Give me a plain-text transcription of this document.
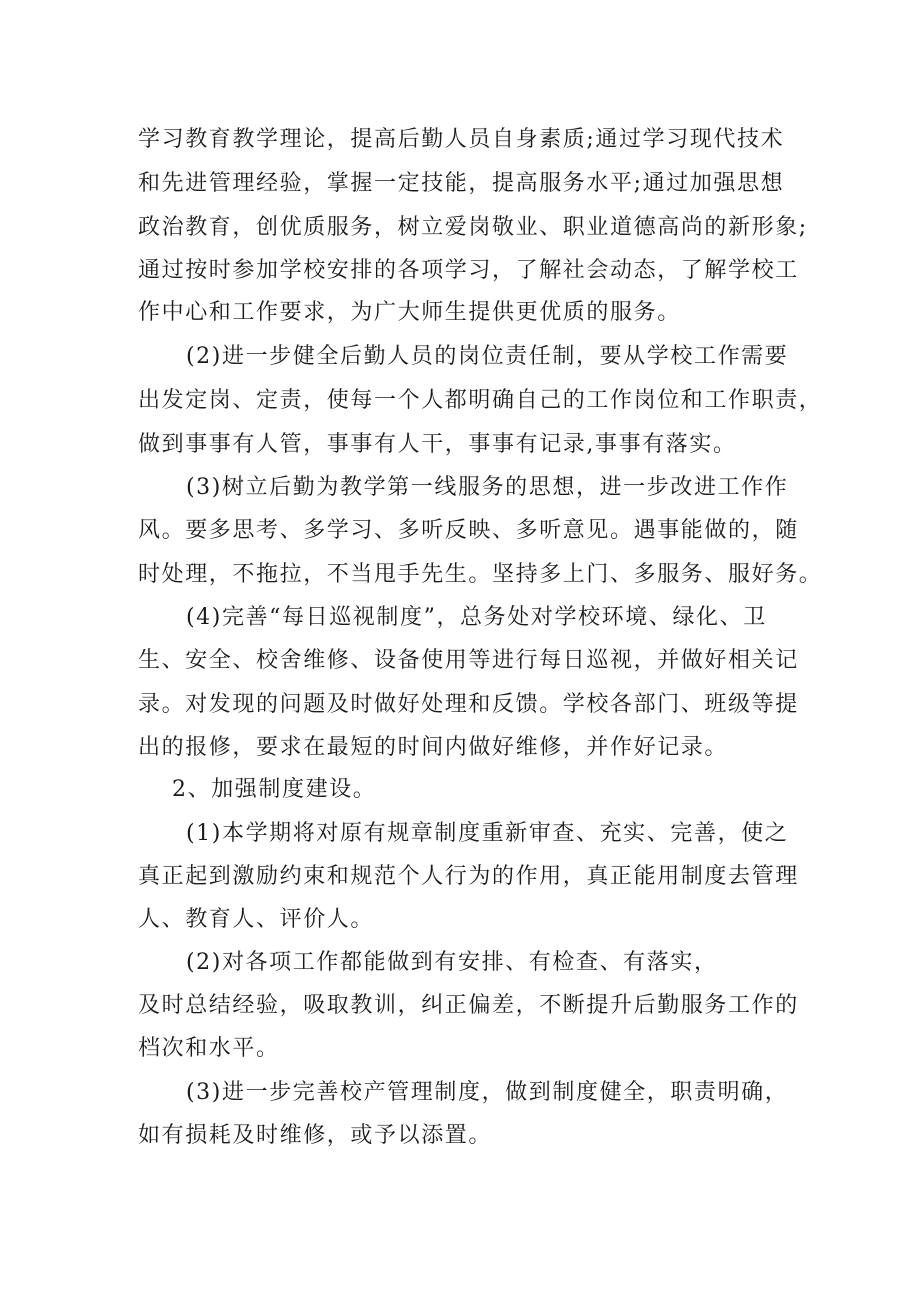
学习教育教学理论，提高后勤人员自身素质;通过学习现代技术
和先进管理经验，掌握一定技能，提高服务水平;通过加强思想
政治教育，创优质服务，树立爱岗敬业、职业道德高尚的新形象;
通过按时参加学校安排的各项学习，了解社会动态，了解学校工
作中心和工作要求，为广大师生提供更优质的服务。
(2)进一步健全后勤人员的岗位责任制，要从学校工作需要
出发定岗、定责，使每一个人都明确自己的工作岗位和工作职责，
做到事事有人管，事事有人干，事事有记录,事事有落实。
(3)树立后勤为教学第一线服务的思想，进一步改进工作作
风。要多思考、多学习、多听反映、多听意见。遇事能做的，随
时处理，不拖拉，不当甩手先生。坚持多上门、多服务、服好务。
(4)完善“每日巡视制度”，总务处对学校环境、绿化、卫
生、安全、校舍维修、设备使用等进行每日巡视，并做好相关记
录。对发现的问题及时做好处理和反馈。学校各部门、班级等提
出的报修，要求在最短的时间内做好维修，并作好记录。
2、加强制度建设。
(1)本学期将对原有规章制度重新审查、充实、完善，使之
真正起到激励约束和规范个人行为的作用，真正能用制度去管理
人、教育人、评价人。
(2)对各项工作都能做到有安排、有检查、有落实，
及时总结经验，吸取教训，纠正偏差，不断提升后勤服务工作的
档次和水平。
(3)进一步完善校产管理制度，做到制度健全，职责明确，
如有损耗及时维修，或予以添置。
